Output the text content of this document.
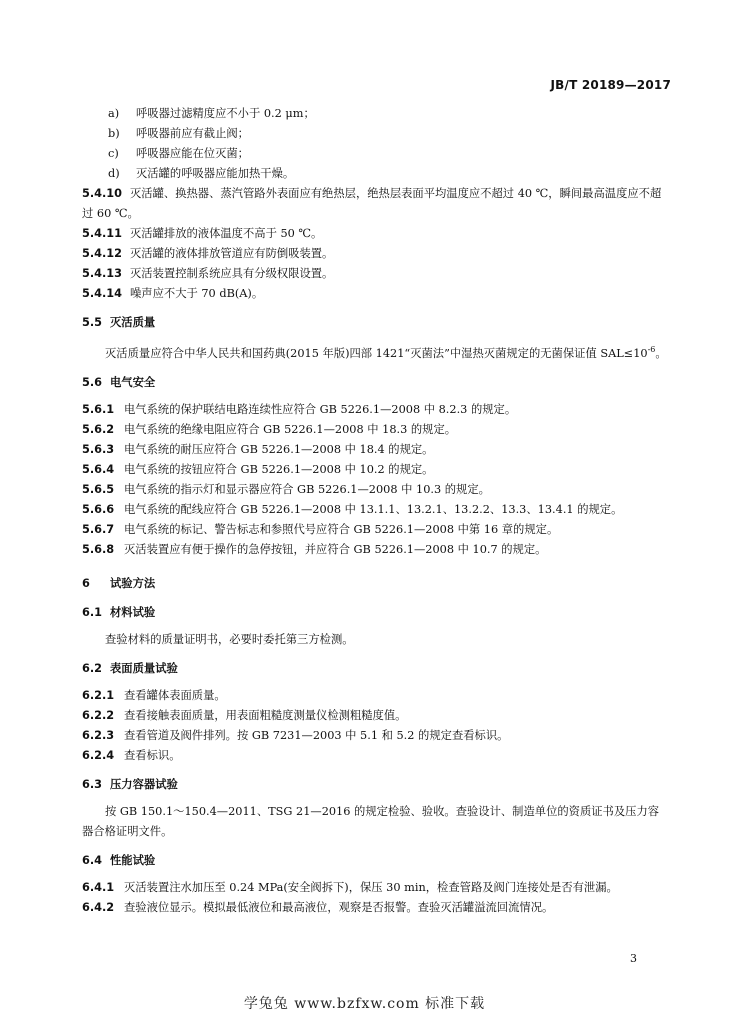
JB/T 20189—2017
a) 呼吸器过滤精度应不小于 0.2 μm；
b) 呼吸器前应有截止阀；
c) 呼吸器应能在位灭菌；
d) 灭活罐的呼吸器应能加热干燥。
5.4.10 灭活罐、换热器、蒸汽管路外表面应有绝热层，绝热层表面平均温度应不超过 40 ℃，瞬间最高温度应不超过 60 ℃。
5.4.11 灭活罐排放的液体温度不高于 50 ℃。
5.4.12 灭活罐的液体排放管道应有防倒吸装置。
5.4.13 灭活装置控制系统应具有分级权限设置。
5.4.14 噪声应不大于 70 dB(A)。
5.5 灭活质量
灭活质量应符合中华人民共和国药典(2015 年版)四部 1421“灭菌法”中湿热灭菌规定的无菌保证值 $SAL\le 10^{-6}$。
5.6 电气安全
5.6.1 电气系统的保护联结电路连续性应符合 GB 5226.1—2008 中 8.2.3 的规定。
5.6.2 电气系统的绝缘电阻应符合 GB 5226.1—2008 中 18.3 的规定。
5.6.3 电气系统的耐压应符合 GB 5226.1—2008 中 18.4 的规定。
5.6.4 电气系统的按钮应符合 GB 5226.1—2008 中 10.2 的规定。
5.6.5 电气系统的指示灯和显示器应符合 GB 5226.1—2008 中 10.3 的规定。
5.6.6 电气系统的配线应符合 GB 5226.1—2008 中 13.1.1、13.2.1、13.2.2、13.3、13.4.1 的规定。
5.6.7 电气系统的标记、警告标志和参照代号应符合 GB 5226.1—2008 中第 16 章的规定。
5.6.8 灭活装置应有便于操作的急停按钮，并应符合 GB 5226.1—2008 中 10.7 的规定。
6 试验方法
6.1 材料试验
查验材料的质量证明书，必要时委托第三方检测。
6.2 表面质量试验
6.2.1 查看罐体表面质量。
6.2.2 查看接触表面质量，用表面粗糙度测量仪检测粗糙度值。
6.2.3 查看管道及阀件排列。按 GB 7231—2003 中 5.1 和 5.2 的规定查看标识。
6.2.4 查看标识。
6.3 压力容器试验
按 GB 150.1～150.4—2011、TSG 21—2016 的规定检验、验收。查验设计、制造单位的资质证书及压力容器合格证明文件。
6.4 性能试验
6.4.1 灭活装置注水加压至 0.24 MPa(安全阀拆下)，保压 30 min，检查管路及阀门连接处是否有泄漏。
6.4.2 查验液位显示。模拟最低液位和最高液位，观察是否报警。查验灭活罐溢流回流情况。
3
学兔兔 www.bzfxw.com 标准下载
